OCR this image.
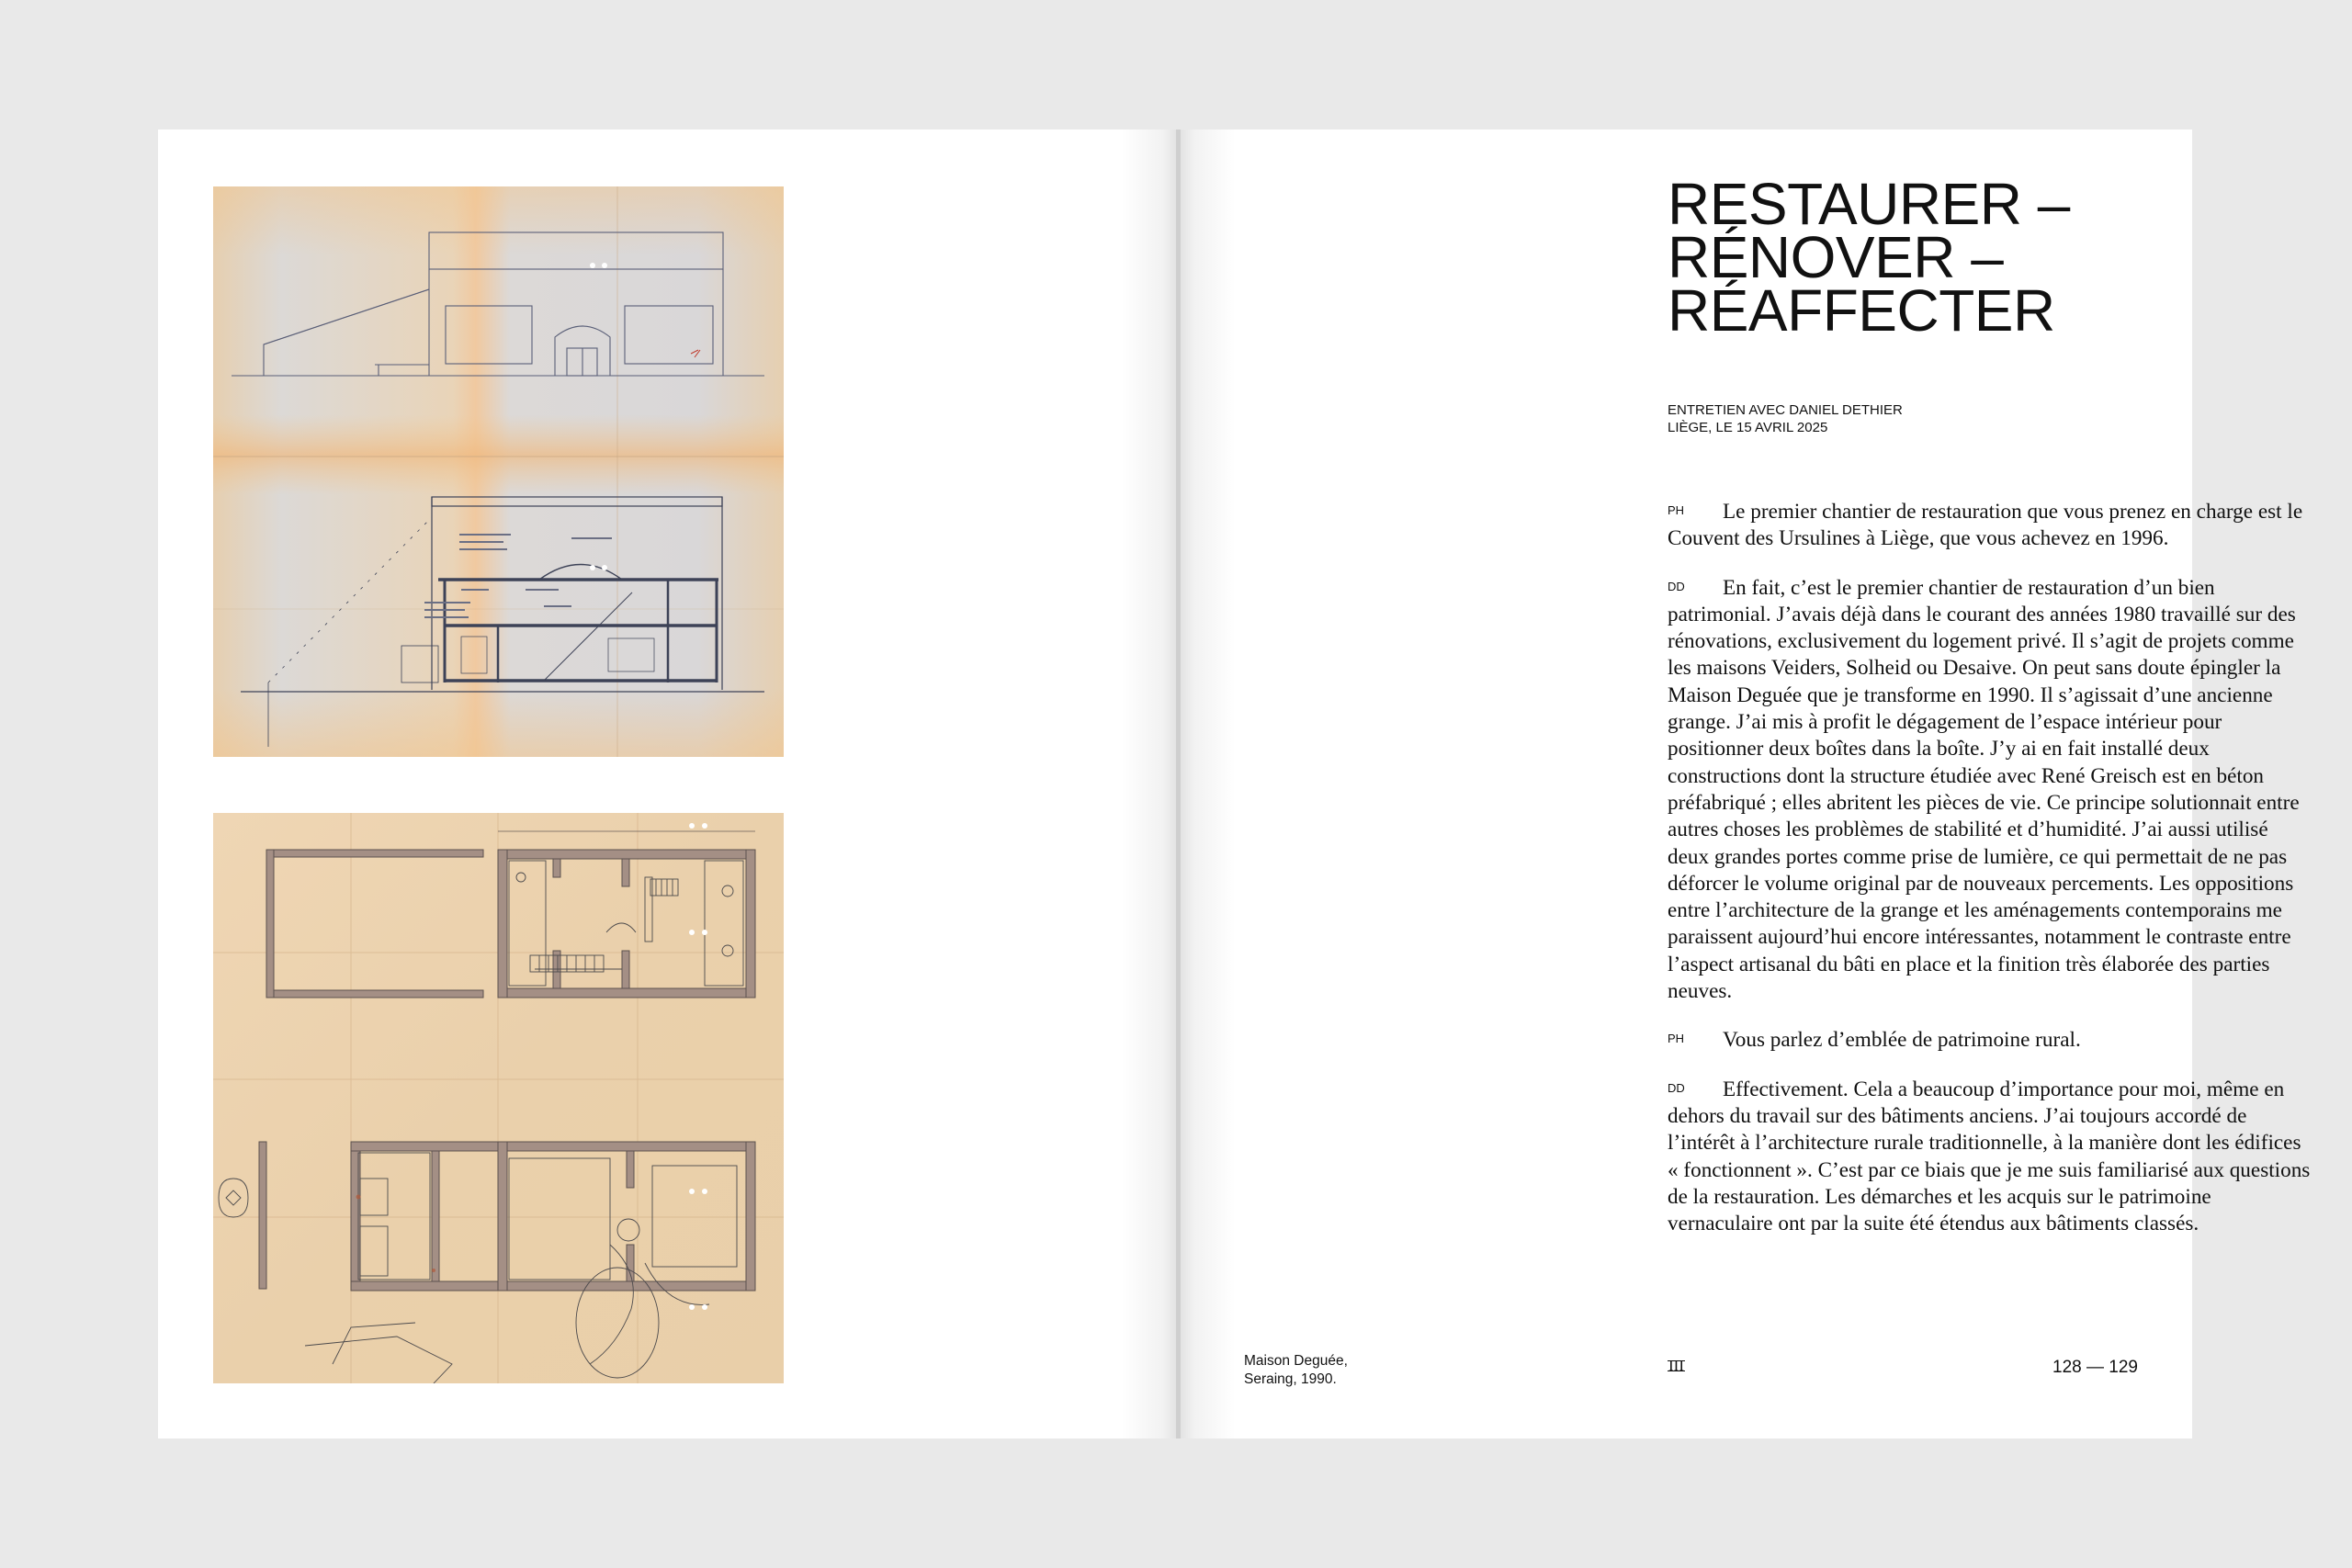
Maison Deguée,
Seraing, 1990.
RESTAURER –
RÉNOVER –
RÉAFFECTER
ENTRETIEN AVEC DANIEL DETHIER
LIÈGE, LE 15 AVRIL 2025
PH	Le premier chantier de restauration que vous prenez en charge est le Couvent des Ursulines à Liège, que vous achevez en 1996.

DD	En fait, c’est le premier chantier de restauration d’un bien patrimonial. J’avais déjà dans le courant des années 1980 travaillé sur des rénovations, exclusivement du logement privé. Il s’agit de projets comme les maisons Veiders, Solheid ou Desaive. On peut sans doute épingler la Maison Deguée que je transforme en 1990. Il s’agissait d’une ancienne grange. J’ai mis à profit le dégagement de l’espace intérieur pour positionner deux boîtes dans la boîte. J’y ai en fait installé deux constructions dont la structure étudiée avec René Greisch est en béton préfabriqué ; elles abritent les pièces de vie. Ce principe solutionnait entre autres choses les problèmes de stabilité et d’humidité. J’ai aussi utilisé deux grandes portes comme prise de lumière, ce qui permettait de ne pas déforcer le volume original par de nouveaux percements. Les oppositions entre l’architecture de la grange et les aménagements contemporains me paraissent aujourd’hui encore intéressantes, notamment le contraste entre l’aspect artisanal du bâti en place et la finition très élaborée des parties neuves.

PH	Vous parlez d’emblée de patrimoine rural.

DD	Effectivement. Cela a beaucoup d’importance pour moi, même en dehors du travail sur des bâtiments anciens. J’ai toujours accordé de l’intérêt à l’architecture rurale traditionnelle, à la manière dont les édifices « fonctionnent ». C’est par ce biais que je me suis familiarisé aux questions de la restauration. Les démarches et les acquis sur le patrimoine vernaculaire ont par la suite été étendus aux bâtiments classés.

III	128 — 129
